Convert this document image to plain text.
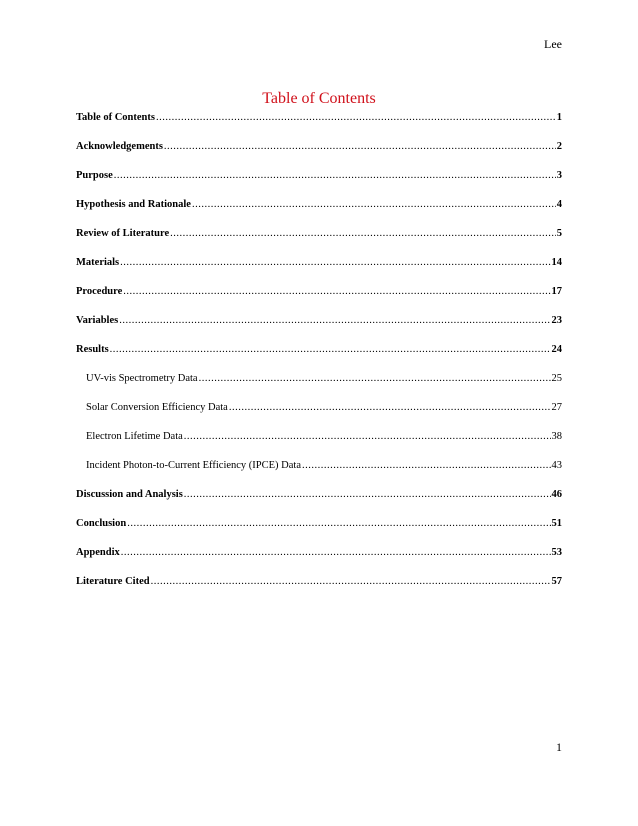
Lee
Table of Contents
Table of Contents .....	1
Acknowledgements .....	2
Purpose .....	3
Hypothesis and Rationale .....	4
Review of Literature .....	5
Materials .....	14
Procedure .....	17
Variables .....	23
Results .....	24
UV-vis Spectrometry Data .....	25
Solar Conversion Efficiency Data .....	27
Electron Lifetime Data .....	38
Incident Photon-to-Current Efficiency (IPCE) Data .....	43
Discussion and Analysis .....	46
Conclusion .....	51
Appendix .....	53
Literature Cited .....	57
1
